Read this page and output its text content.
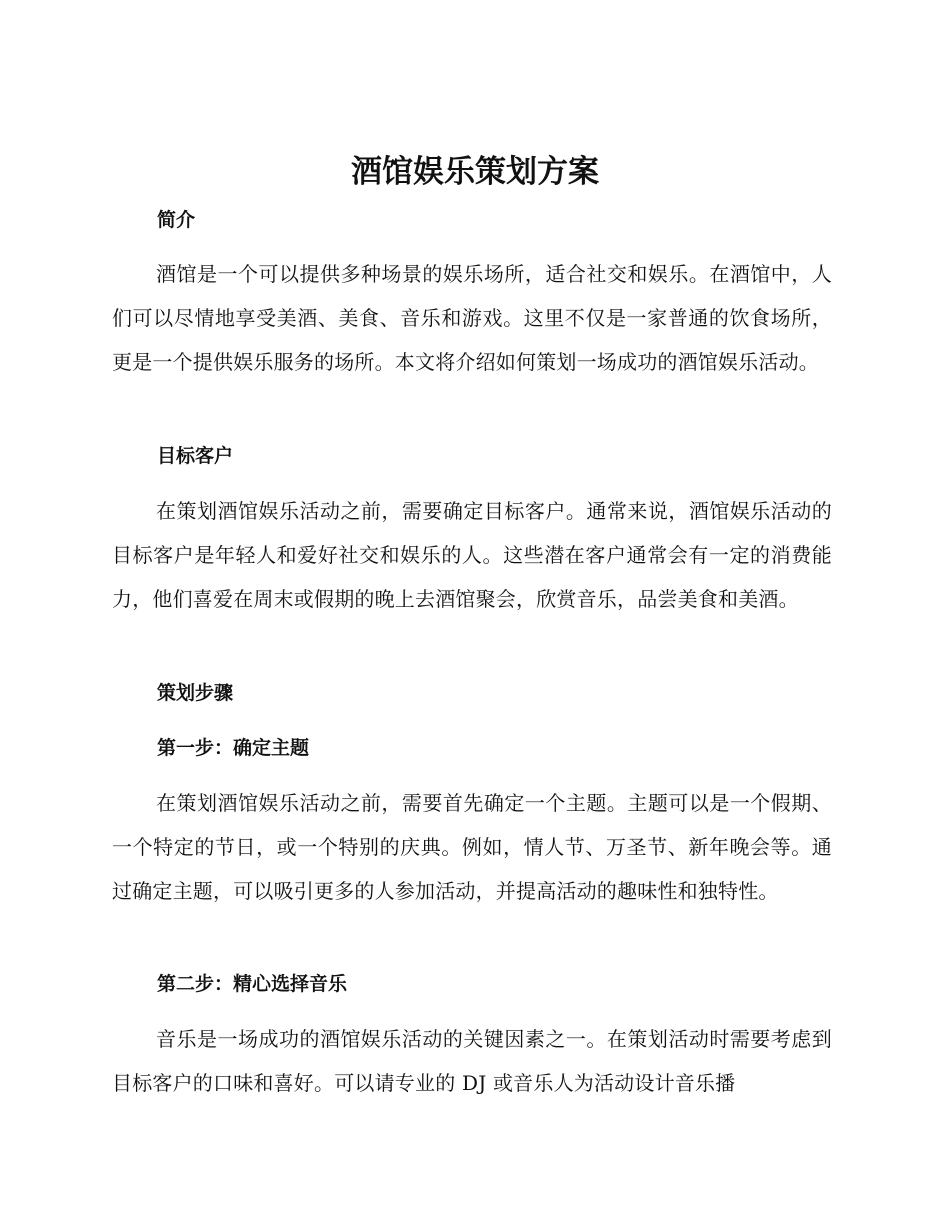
酒馆娱乐策划方案
简介

酒馆是一个可以提供多种场景的娱乐场所，适合社交和娱乐。在酒馆中，人们可以尽情地享受美酒、美食、音乐和游戏。这里不仅是一家普通的饮食场所，更是一个提供娱乐服务的场所。本文将介绍如何策划一场成功的酒馆娱乐活动。

目标客户

在策划酒馆娱乐活动之前，需要确定目标客户。通常来说，酒馆娱乐活动的目标客户是年轻人和爱好社交和娱乐的人。这些潜在客户通常会有一定的消费能力，他们喜爱在周末或假期的晚上去酒馆聚会，欣赏音乐，品尝美食和美酒。

策划步骤
第一步：确定主题

在策划酒馆娱乐活动之前，需要首先确定一个主题。主题可以是一个假期、一个特定的节日，或一个特别的庆典。例如，情人节、万圣节、新年晚会等。通过确定主题，可以吸引更多的人参加活动，并提高活动的趣味性和独特性。

第二步：精心选择音乐

音乐是一场成功的酒馆娱乐活动的关键因素之一。在策划活动时需要考虑到目标客户的口味和喜好。可以请专业的 DJ 或音乐人为活动设计音乐播
